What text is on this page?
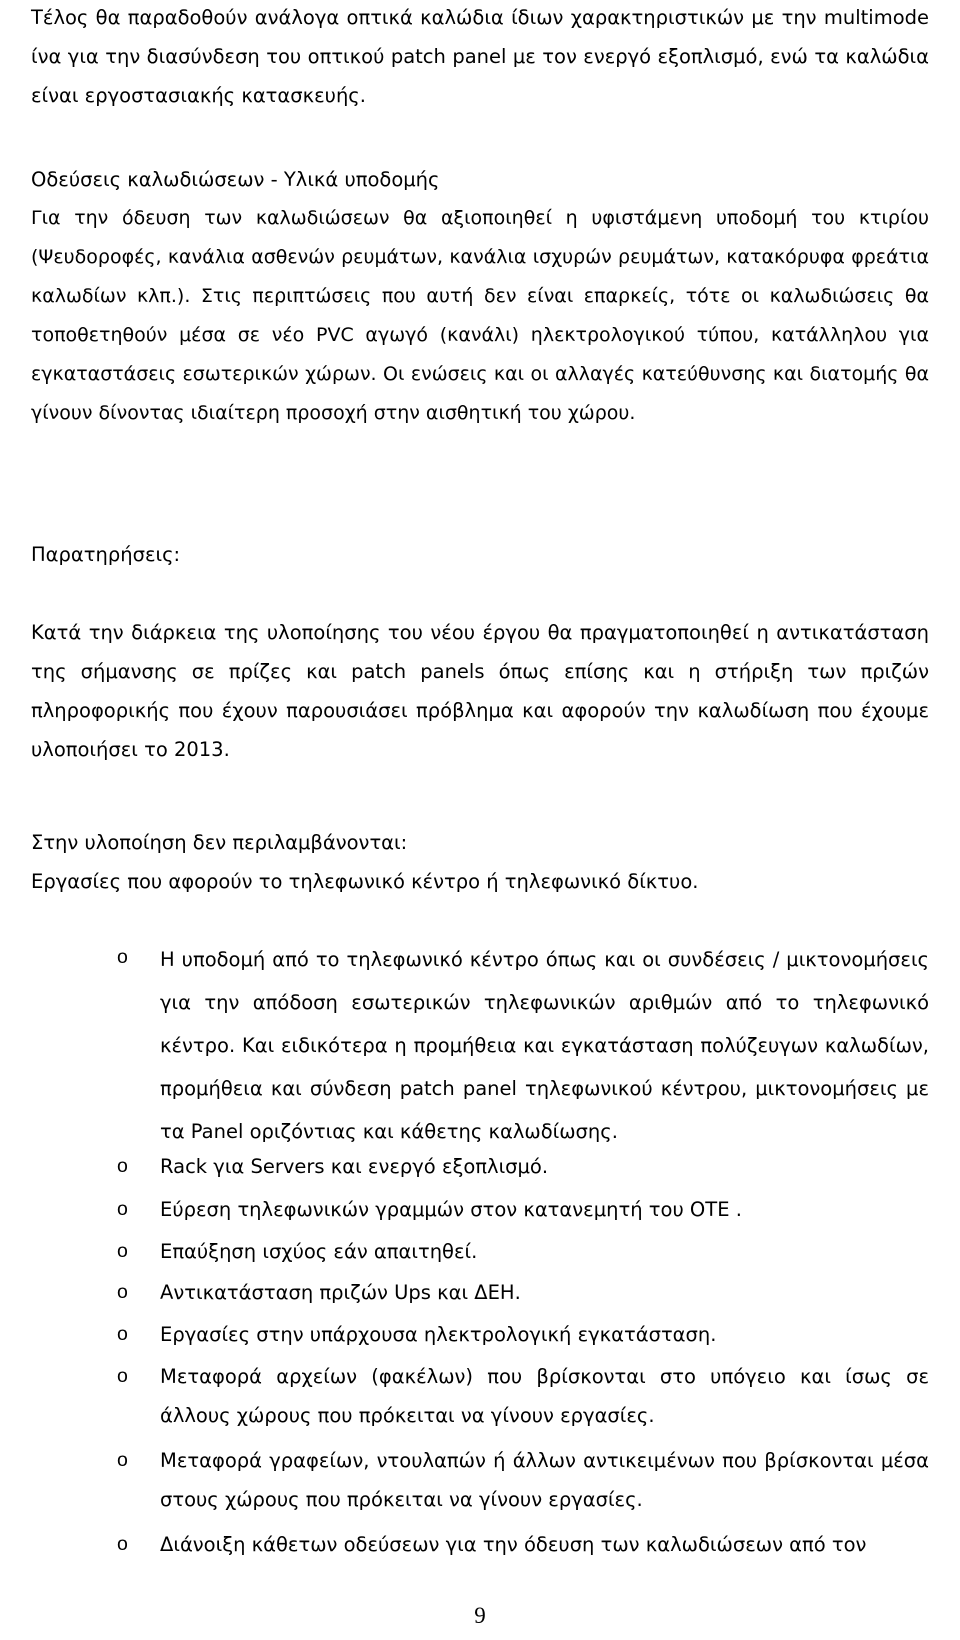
Τέλος θα παραδοθούν ανάλογα οπτικά καλώδια ίδιων χαρακτηριστικών με την multimode ίνα για την διασύνδεση του οπτικού patch panel με τον ενεργό εξοπλισμό, ενώ τα καλώδια είναι εργοστασιακής κατασκευής.

Οδεύσεις καλωδιώσεων - Υλικά υποδομής

Για την όδευση των καλωδιώσεων θα αξιοποιηθεί η υφιστάμενη υποδομή του κτιρίου (Ψευδοροφές, κανάλια ασθενών ρευμάτων, κανάλια ισχυρών ρευμάτων, κατακόρυφα φρεάτια καλωδίων κλπ.). Στις περιπτώσεις που αυτή δεν είναι επαρκείς, τότε οι καλωδιώσεις θα τοποθετηθούν μέσα σε νέο PVC αγωγό (κανάλι) ηλεκτρολογικού τύπου, κατάλληλου για εγκαταστάσεις εσωτερικών χώρων. Οι ενώσεις και οι αλλαγές κατεύθυνσης και διατομής θα γίνουν δίνοντας ιδιαίτερη προσοχή στην αισθητική του χώρου.

Παρατηρήσεις:

Κατά την διάρκεια της υλοποίησης του νέου έργου θα πραγματοποιηθεί η αντικατάσταση της σήμανσης σε πρίζες και patch panels όπως επίσης και η στήριξη των πριζών πληροφορικής που έχουν παρουσιάσει πρόβλημα και αφορούν την καλωδίωση που έχουμε υλοποιήσει το 2013.

Στην υλοποίηση δεν περιλαμβάνονται:

Εργασίες που αφορούν το τηλεφωνικό κέντρο ή τηλεφωνικό δίκτυο.

o Η υποδομή από το τηλεφωνικό κέντρο όπως και οι συνδέσεις / μικτονομήσεις για την απόδοση εσωτερικών τηλεφωνικών αριθμών από το τηλεφωνικό κέντρο. Και ειδικότερα η προμήθεια και εγκατάσταση πολύζευγων καλωδίων, προμήθεια και σύνδεση patch panel τηλεφωνικού κέντρου, μικτονομήσεις με τα Panel οριζόντιας και κάθετης καλωδίωσης.
o Rack για Servers και ενεργό εξοπλισμό.
o Εύρεση τηλεφωνικών γραμμών στον κατανεμητή του ΟΤΕ .
o Επαύξηση ισχύος εάν απαιτηθεί.
o Αντικατάσταση πριζών Ups και ΔΕΗ.
o Εργασίες στην υπάρχουσα ηλεκτρολογική εγκατάσταση.
o Μεταφορά αρχείων (φακέλων) που βρίσκονται στο υπόγειο και ίσως σε άλλους χώρους που πρόκειται να γίνουν εργασίες.
o Μεταφορά γραφείων, ντουλαπών ή άλλων αντικειμένων που βρίσκονται μέσα στους χώρους που πρόκειται να γίνουν εργασίες.
o Διάνοιξη κάθετων οδεύσεων για την όδευση των καλωδιώσεων από τον
9
